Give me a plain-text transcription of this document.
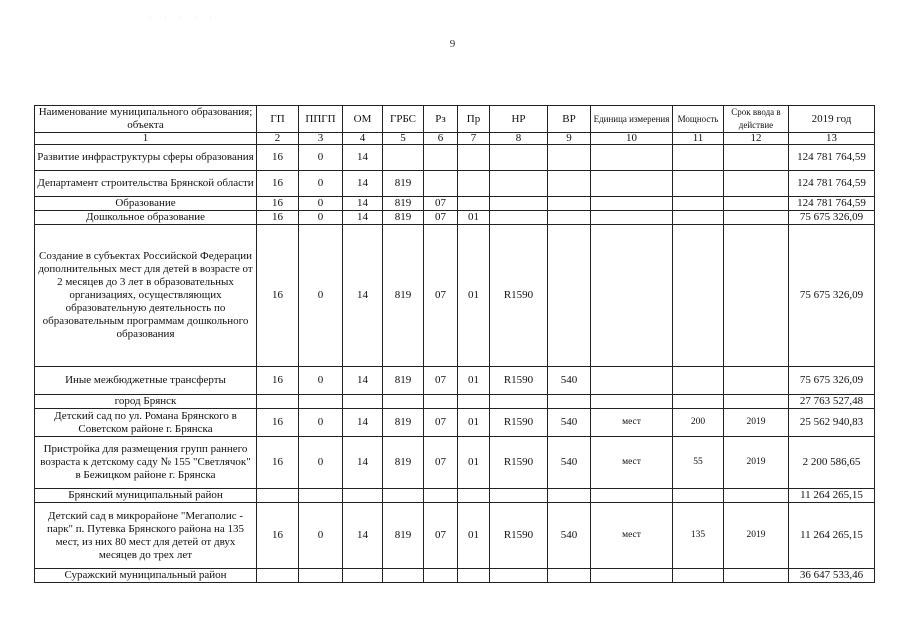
. . . . .
9
Наименование муниципального образования; объекта	ГП	ППГП	ОМ	ГРБС	Рз	Пр	НР	ВР	Единица измерения	Мощность	Срок ввода в действие	2019 год
1	2	3	4	5	6	7	8	9	10	11	12	13
Развитие инфраструктуры сферы образования	16	0	14									124 781 764,59
Департамент строительства Брянской области	16	0	14	819								124 781 764,59
Образование	16	0	14	819	07							124 781 764,59
Дошкольное образование	16	0	14	819	07	01						75 675 326,09
Создание в субъектах Российской Федерации дополнительных мест для детей в возрасте от 2 месяцев до 3 лет в образовательных организациях, осуществляющих образовательную деятельность по образовательным программам дошкольного образования	16	0	14	819	07	01	R1590					75 675 326,09
Иные межбюджетные трансферты	16	0	14	819	07	01	R1590	540				75 675 326,09
город Брянск												27 763 527,48
Детский сад по ул. Романа Брянского в Советском районе г. Брянска	16	0	14	819	07	01	R1590	540	мест	200	2019	25 562 940,83
Пристройка для размещения групп раннего возраста к детскому саду № 155 "Светлячок" в Бежицком районе г. Брянска	16	0	14	819	07	01	R1590	540	мест	55	2019	2 200 586,65
Брянский муниципальный район												11 264 265,15
Детский сад в микрорайоне "Мегаполис - парк" п. Путевка Брянского района на 135 мест, из них 80 мест для детей от двух месяцев до трех лет	16	0	14	819	07	01	R1590	540	мест	135	2019	11 264 265,15
Суражский муниципальный район												36 647 533,46
